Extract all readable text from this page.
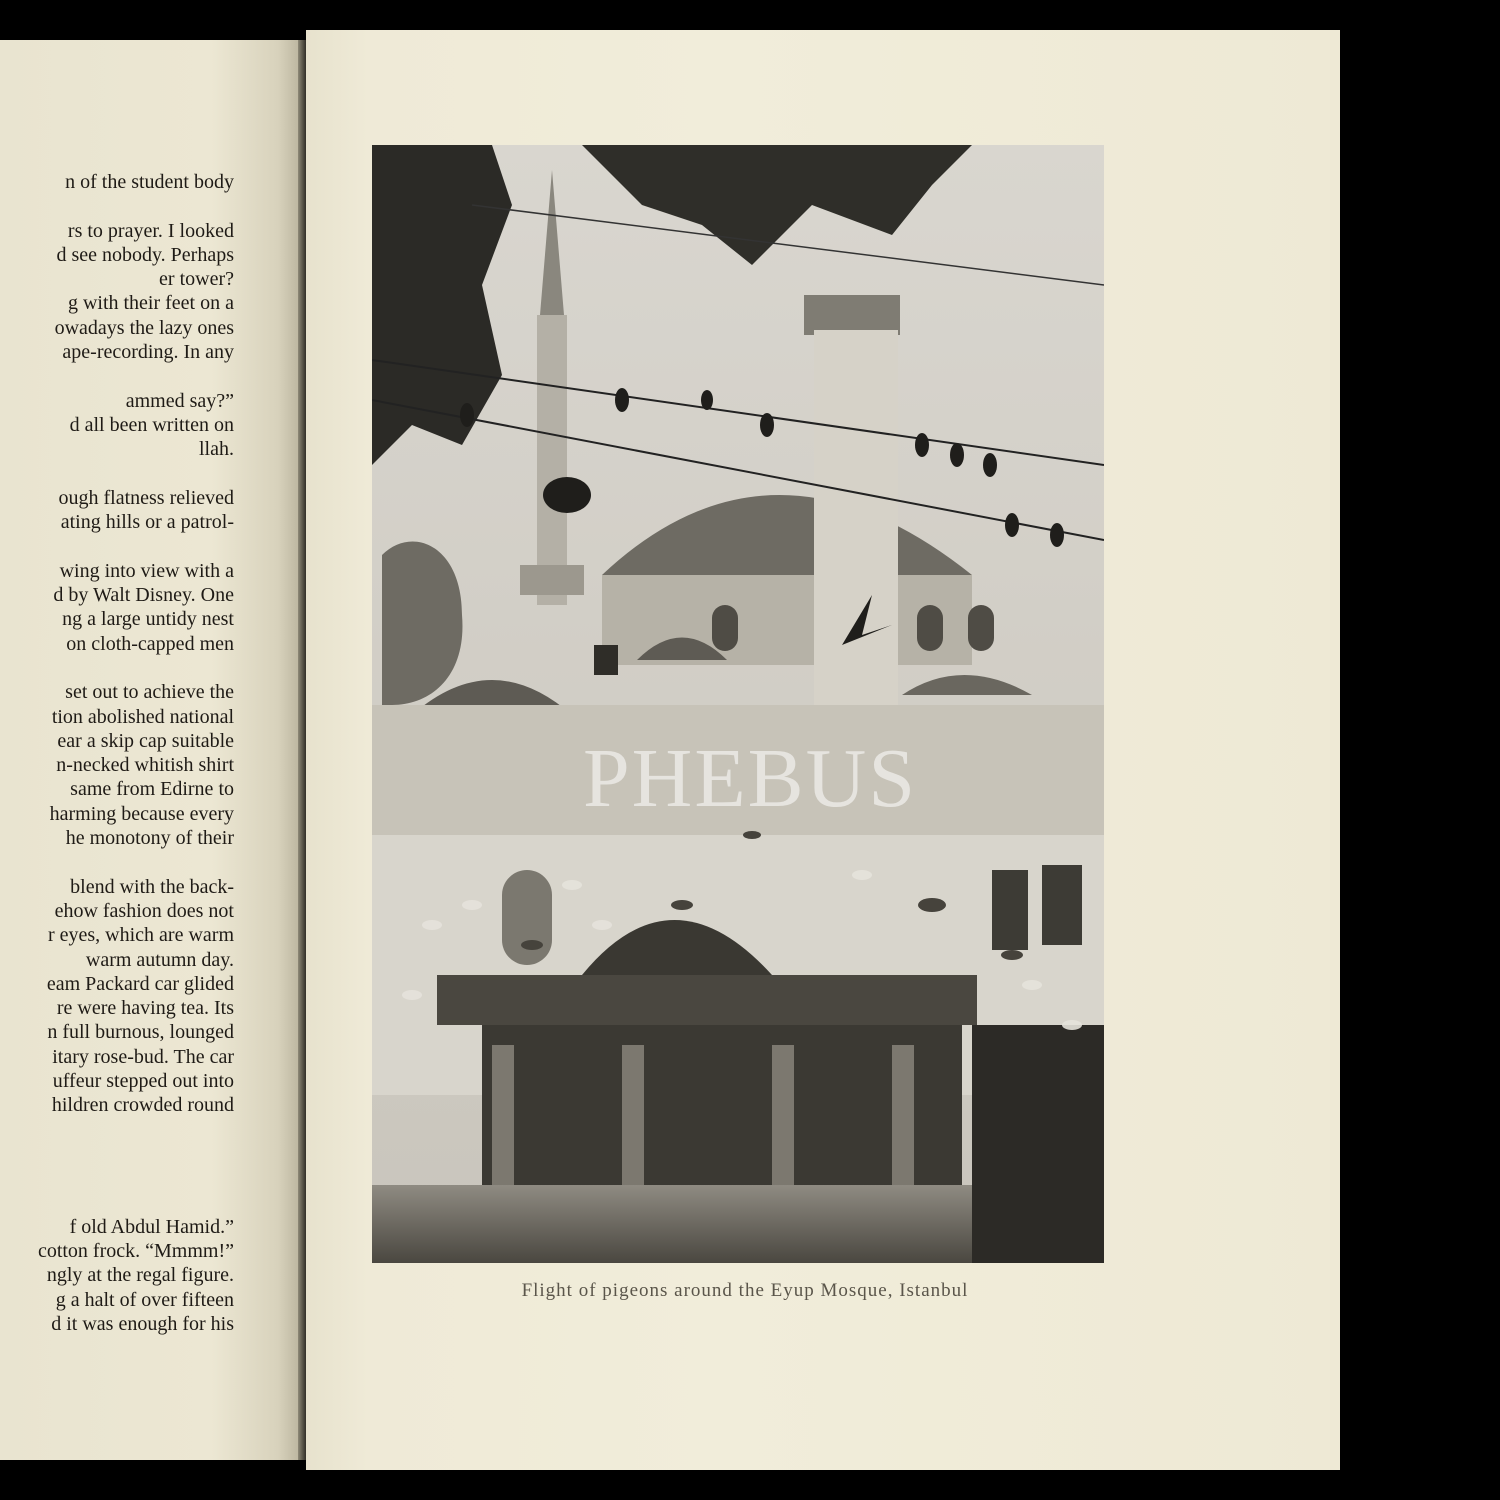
n of the student body
rs to prayer. I looked
d see nobody. Perhaps
er tower?
g with their feet on a
owadays the lazy ones
ape-recording. In any
ammed say?”
d all been written on
llah.
ough flatness relieved
ating hills or a patrol-
wing into view with a
d by Walt Disney. One
ng a large untidy nest
on cloth-capped men
set out to achieve the
tion abolished national
ear a skip cap suitable
n-necked whitish shirt
same from Edirne to
harming because every
he monotony of their
blend with the back-
ehow fashion does not
r eyes, which are warm
warm autumn day.
eam Packard car glided
re were having tea. Its
n full burnous, lounged
itary rose-bud. The car
uffeur stepped out into
hildren crowded round
f old Abdul Hamid.”
cotton frock. “Mmmm!”
ngly at the regal figure.
g a halt of over fifteen
d it was enough for his
PHEBUS
Flight of pigeons around the Eyup Mosque, Istanbul
